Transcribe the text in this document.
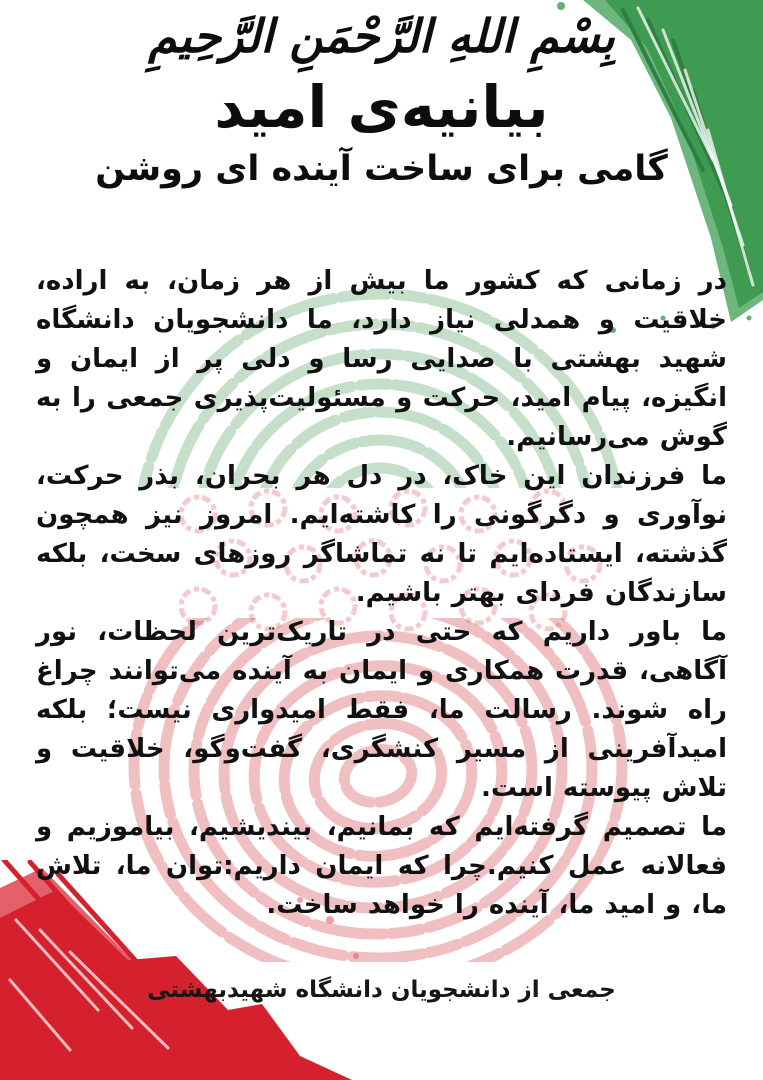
بِسْمِ اللهِ الرَّحْمَنِ الرَّحِیمِ
بیانیه‌ی امید
گامی برای ساخت آینده ای روشن

در زمانی که کشور ما بیش از هر زمان، به اراده، خلاقیت و همدلی نیاز دارد، ما دانشجویان دانشگاه شهید بهشتی با صدایی رسا و دلی پر از ایمان و انگیزه، پیام امید، حرکت و مسئولیت‌پذیری جمعی را به گوش می‌رسانیم.

ما فرزندان این خاک، در دل هر بحران، بذر حرکت، نوآوری و دگرگونی را کاشته‌ایم. امروز نیز همچون گذشته، ایستاده‌ایم تا نه تماشاگر روزهای سخت، بلکه سازندگان فردای بهتر باشیم.

ما باور داریم که حتی در تاریک‌ترین لحظات، نور آگاهی، قدرت همکاری و ایمان به آینده می‌توانند چراغ راه شوند. رسالت ما، فقط امیدواری نیست؛ بلکه امیدآفرینی از مسیر کنشگری، گفت‌وگو، خلاقیت و تلاش پیوسته است.

ما تصمیم گرفته‌ایم که بمانیم، بیندیشیم، بیاموزیم و فعالانه عمل کنیم.چرا که ایمان داریم:توان ما، تلاش ما، و امید ما، آینده را خواهد ساخت.

جمعی از دانشجویان دانشگاه شهیدبهشتی
